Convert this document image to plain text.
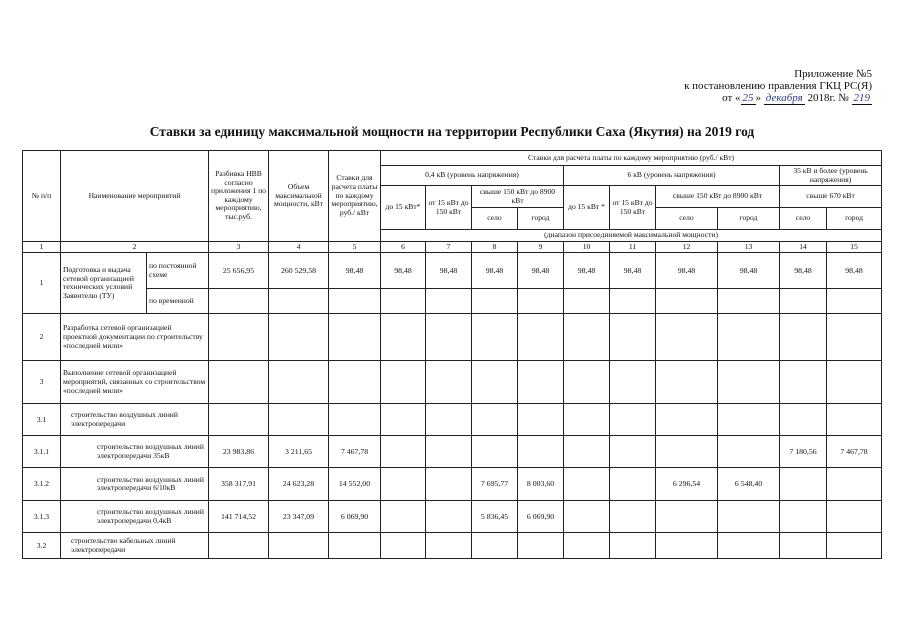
Приложение №5
к постановлению правления ГКЦ РС(Я)
от « 25 » декабря 2018г. № 219
Ставки за единицу максимальной мощности на территории Республики Саха (Якутия) на 2019 год
№ п/п	Наименование мероприятий		Разбивка НВВ согласно приложения 1 по каждому мероприятию, тыс.руб.	Объем максимальной мощности, кВт	Ставки для расчета платы по каждому мероприятию, руб./ кВт	Ставки для расчета платы по каждому мероприятию (руб./ кВт)									
						0,4 кВ (уровень напряжения)				6 кВ (уровень напряжения)				35 кВ и более (уровень напряжения)	
						до 15 кВт*	от 15 кВт до 150 кВт	свыше 150 кВт до 8900 кВт		до 15 кВт *	от 15 кВт до 150 кВт	свыше 150 кВт до 8900 кВт		свыше 670 кВт	
								село	город			село	город	село	город
						(диапазон присоединяемой максимальной мощности)									
1	2		3	4	5	6	7	8	9	10	11	12	13	14	15
1	Подготовка и выдача сетевой организацией технических условий Заявителю (ТУ)	по постоянной схеме	25 656,95	260 529,58	98,48	98,48	98,48	98,48	98,48	98,48	98,48	98,48	98,48	98,48	98,48
		по временной													
2	Разработка сетевой организацией проектной документации по строительству «последней мили»														
3	Выполнение сетевой организацией мероприятий, связанных со строительством «последней мили»														
3.1	строительство воздушных линий электропередачи														
3.1.1	строительство воздушных линий электропередачи 35кВ		23 983,86	3 211,65	7 467,78									7 180,56	7 467,78
3.1.2	строительство воздушных линий электропередачи 6/10кВ		358 317,91	24 623,28	14 552,00			7 695,77	8 003,60			6 296,54	6 548,40		
3.1.3	строительство воздушных линий электропередачи 0,4кВ		141 714,52	23 347,09	6 069,90			5 836,45	6 069,90						
3.2	строительство кабельных линий электропередачи														
